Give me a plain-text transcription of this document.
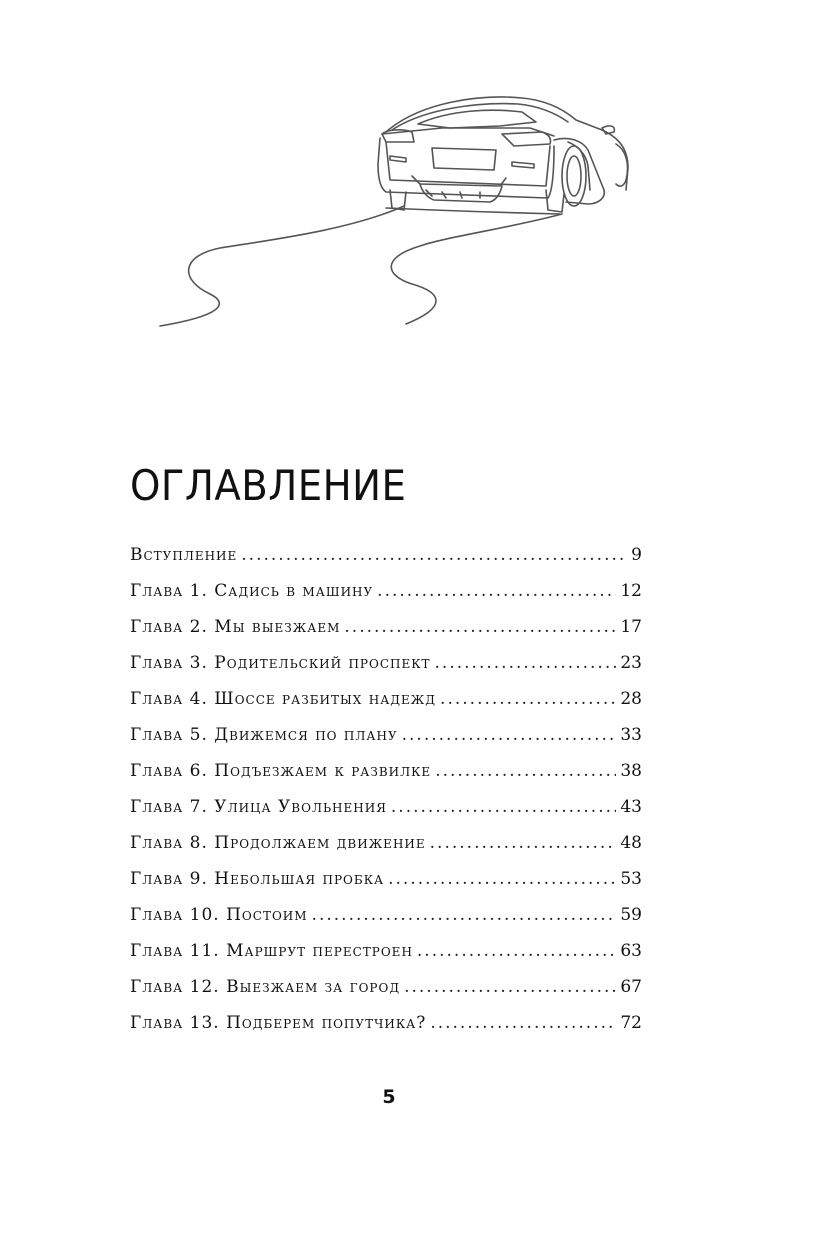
ОГЛАВЛЕНИЕ
Вступление .....	9
Глава 1. Садись в машину .....	12
Глава 2. Мы выезжаем .....	17
Глава 3. Родительский проспект .....	23
Глава 4. Шоссе разбитых надежд .....	28
Глава 5. Движемся по плану .....	33
Глава 6. Подъезжаем к развилке .....	38
Глава 7. Улица Увольнения .....	43
Глава 8. Продолжаем движение .....	48
Глава 9. Небольшая пробка .....	53
Глава 10. Постоим .....	59
Глава 11. Маршрут перестроен .....	63
Глава 12. Выезжаем за город .....	67
Глава 13. Подберем попутчика? .....	72
5
